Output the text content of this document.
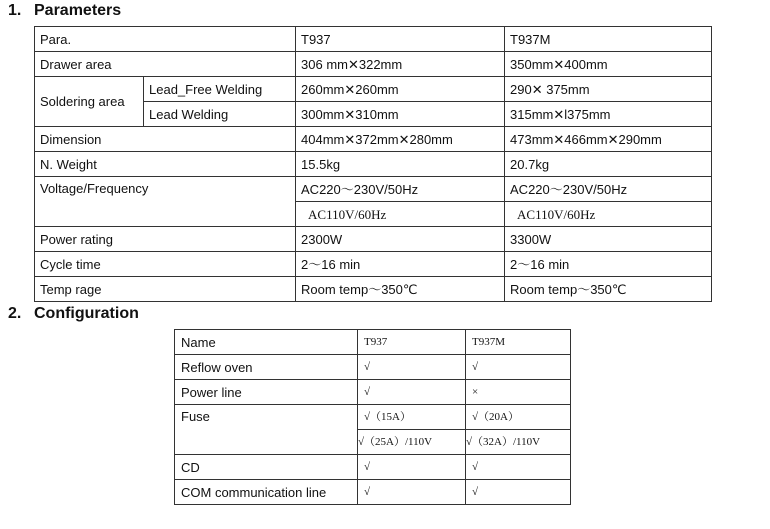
1. Parameters
Para.		T937	T937M
Drawer area		306 mm✕322mm	350mm✕400mm
Soldering area	Lead_Free Welding	260mm✕260mm	290✕ 375mm
	Lead Welding	300mm✕310mm	315mm✕l375mm
Dimension		404mm✕372mm✕280mm	473mm✕466mm✕290mm
N. Weight		15.5kg	20.7kg
Voltage/Frequency		AC220〜230V/50Hz	AC220〜230V/50Hz
		AC110V/60Hz	AC110V/60Hz
Power rating		2300W	3300W
Cycle time		2〜16 min	2〜16 min
Temp rage		Room temp〜350℃	Room temp〜350℃
2. Configuration
Name	T937	T937M
Reflow oven	√	√
Power line	√	×
Fuse	√（15A）	√（20A）
	√（25A）/110V	√（32A）/110V
CD	√	√
COM communication line	√	√
